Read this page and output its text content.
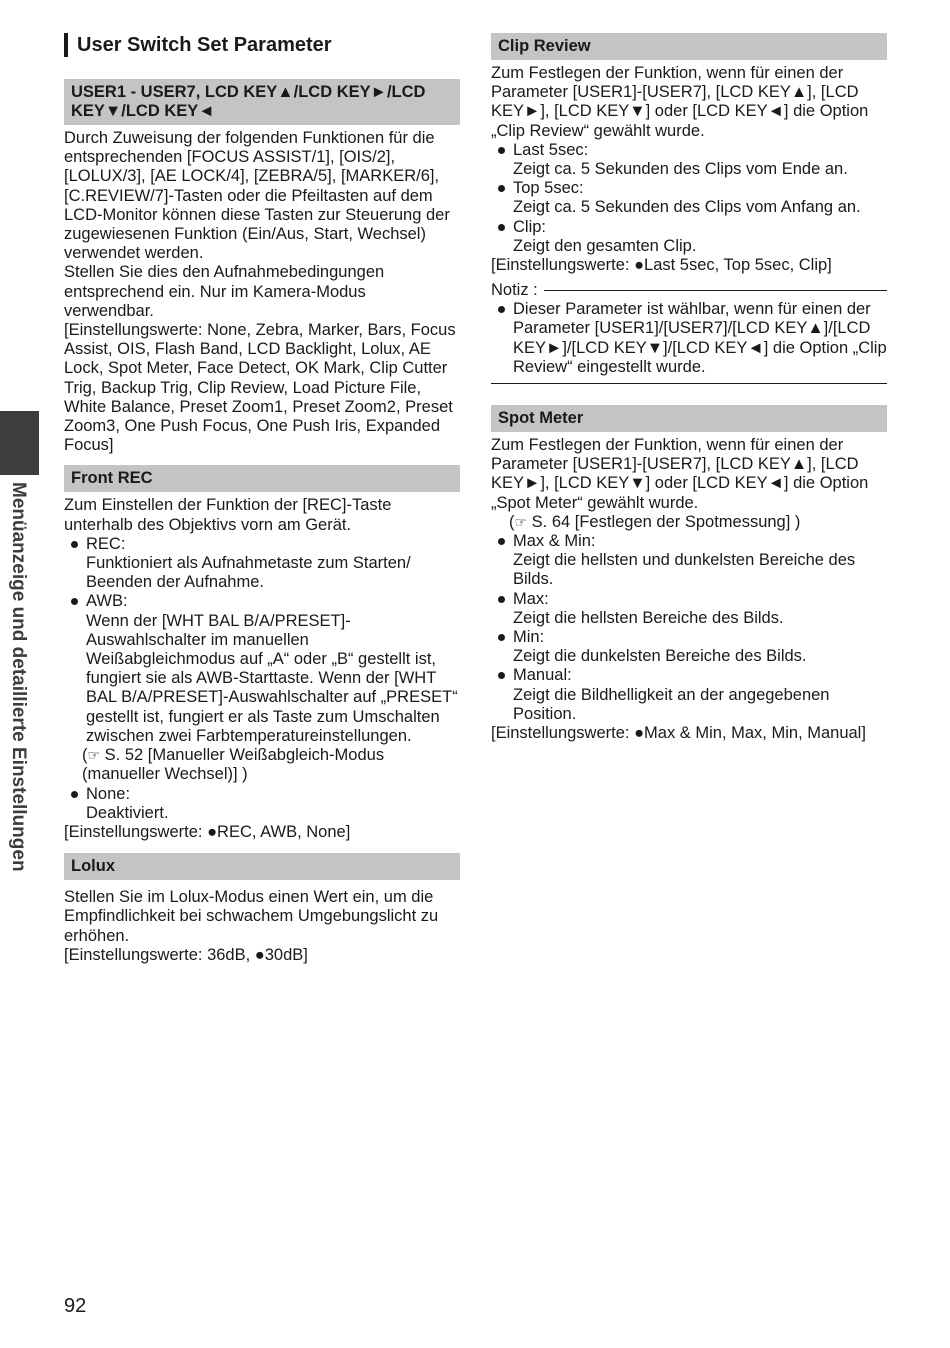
User Switch Set Parameter
Menüanzeige und detaillierte Einstellungen
USER1 - USER7, LCD KEY▲/LCD KEY►/LCD KEY▼/LCD KEY◄

Durch Zuweisung der folgenden Funktionen für die entsprechenden [FOCUS ASSIST/1], [OIS/2], [LOLUX/3], [AE LOCK/4], [ZEBRA/5], [MARKER/6], [C.REVIEW/7]-Tasten oder die Pfeiltasten auf dem LCD-Monitor können diese Tasten zur Steuerung der zugewiesenen Funktion (Ein/Aus, Start, Wechsel) verwendet werden.

Stellen Sie dies den Aufnahmebedingungen entsprechend ein. Nur im Kamera-Modus verwendbar.

[Einstellungswerte: None, Zebra, Marker, Bars, Focus Assist, OIS, Flash Band, LCD Backlight, Lolux, AE Lock, Spot Meter, Face Detect, OK Mark, Clip Cutter Trig, Backup Trig, Clip Review, Load Picture File, White Balance, Preset Zoom1, Preset Zoom2, Preset Zoom3, One Push Focus, One Push Iris, Expanded Focus]

Front REC

Zum Einstellen der Funktion der [REC]-Taste unterhalb des Objektivs vorn am Gerät.

REC:
Funktioniert als Aufnahmetaste zum Starten/ Beenden der Aufnahme.
AWB:
Wenn der [WHT BAL B/A/PRESET]-Auswahlschalter im manuellen Weißabgleichmodus auf „A“ oder „B“ gestellt ist, fungiert sie als AWB-Starttaste. Wenn der [WHT BAL B/A/PRESET]-Auswahlschalter auf „PRESET“ gestellt ist, fungiert er als Taste zum Umschalten zwischen zwei Farbtemperatureinstellungen.
(☞ S. 52 [Manueller Weißabgleich-Modus (manueller Wechsel)] )
None:
Deaktiviert.

[Einstellungswerte: ●REC, AWB, None]

Lolux

Stellen Sie im Lolux-Modus einen Wert ein, um die Empfindlichkeit bei schwachem Umgebungslicht zu erhöhen.

[Einstellungswerte: 36dB, ●30dB]

Clip Review

Zum Festlegen der Funktion, wenn für einen der Parameter [USER1]-[USER7], [LCD KEY▲], [LCD KEY►], [LCD KEY▼] oder [LCD KEY◄] die Option „Clip Review“ gewählt wurde.

Last 5sec:
Zeigt ca. 5 Sekunden des Clips vom Ende an.
Top 5sec:
Zeigt ca. 5 Sekunden des Clips vom Anfang an.
Clip:
Zeigt den gesamten Clip.

[Einstellungswerte: ●Last 5sec, Top 5sec, Clip]

Notiz :
Dieser Parameter ist wählbar, wenn für einen der Parameter [USER1]/[USER7]/[LCD KEY▲]/[LCD KEY►]/[LCD KEY▼]/[LCD KEY◄] die Option „Clip Review“ eingestellt wurde.
Spot Meter

Zum Festlegen der Funktion, wenn für einen der Parameter [USER1]-[USER7], [LCD KEY▲], [LCD KEY►], [LCD KEY▼] oder [LCD KEY◄] die Option „Spot Meter“ gewählt wurde.

(☞ S. 64 [Festlegen der Spotmessung] )
Max & Min:
Zeigt die hellsten und dunkelsten Bereiche des Bilds.
Max:
Zeigt die hellsten Bereiche des Bilds.
Min:
Zeigt die dunkelsten Bereiche des Bilds.
Manual:
Zeigt die Bildhelligkeit an der angegebenen Position.

[Einstellungswerte: ●Max & Min, Max, Min, Manual]

92
